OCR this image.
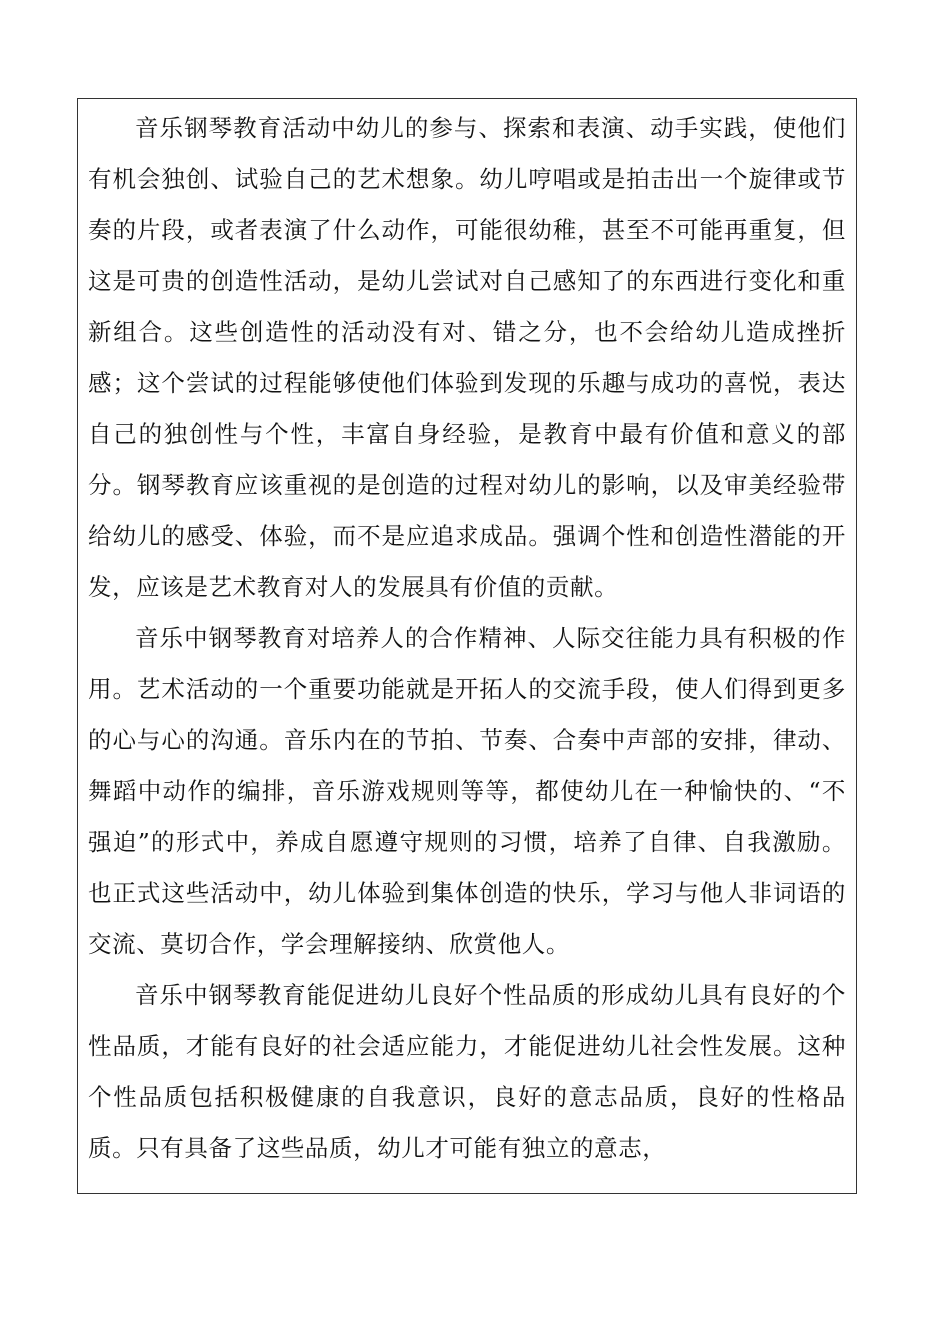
音乐钢琴教育活动中幼儿的参与、探索和表演、动手实践，使他们有机会独创、试验自己的艺术想象。幼儿哼唱或是拍击出一个旋律或节奏的片段，或者表演了什么动作，可能很幼稚，甚至不可能再重复，但这是可贵的创造性活动，是幼儿尝试对自己感知了的东西进行变化和重新组合。这些创造性的活动没有对、错之分，也不会给幼儿造成挫折感；这个尝试的过程能够使他们体验到发现的乐趣与成功的喜悦，表达自己的独创性与个性，丰富自身经验，是教育中最有价值和意义的部分。钢琴教育应该重视的是创造的过程对幼儿的影响，以及审美经验带给幼儿的感受、体验，而不是应追求成品。强调个性和创造性潜能的开发，应该是艺术教育对人的发展具有价值的贡献。

音乐中钢琴教育对培养人的合作精神、人际交往能力具有积极的作用。艺术活动的一个重要功能就是开拓人的交流手段，使人们得到更多的心与心的沟通。音乐内在的节拍、节奏、合奏中声部的安排，律动、舞蹈中动作的编排，音乐游戏规则等等，都使幼儿在一种愉快的、“不强迫”的形式中，养成自愿遵守规则的习惯，培养了自律、自我激励。也正式这些活动中，幼儿体验到集体创造的快乐，学习与他人非词语的交流、莫切合作，学会理解接纳、欣赏他人。

音乐中钢琴教育能促进幼儿良好个性品质的形成幼儿具有良好的个性品质，才能有良好的社会适应能力，才能促进幼儿社会性发展。这种个性品质包括积极健康的自我意识，良好的意志品质，良好的性格品质。只有具备了这些品质，幼儿才可能有独立的意志，
